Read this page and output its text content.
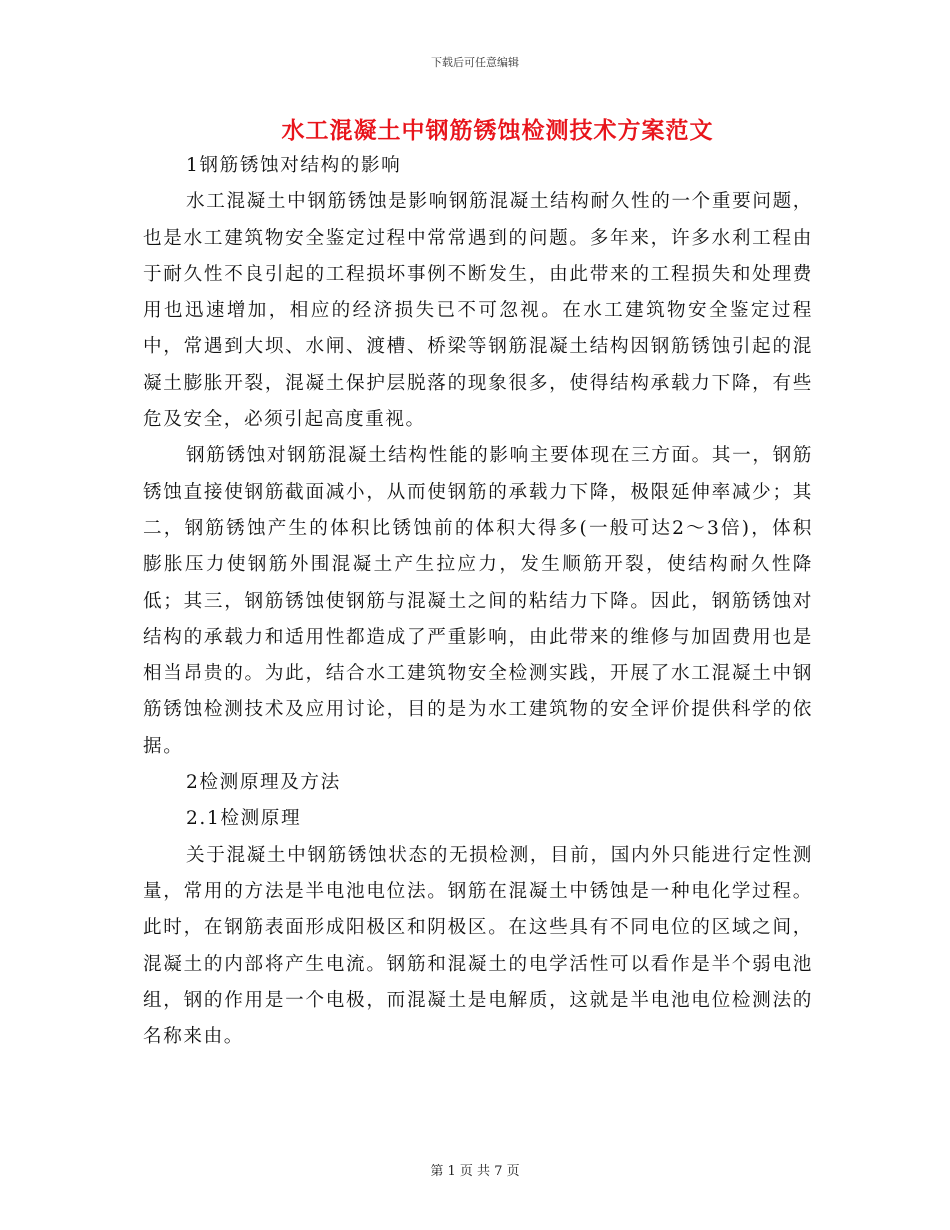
下载后可任意编辑
水工混凝土中钢筋锈蚀检测技术方案范文

1钢筋锈蚀对结构的影响

水工混凝土中钢筋锈蚀是影响钢筋混凝土结构耐久性的一个重要问题，也是水工建筑物安全鉴定过程中常常遇到的问题。多年来，许多水利工程由于耐久性不良引起的工程损坏事例不断发生，由此带来的工程损失和处理费用也迅速增加，相应的经济损失已不可忽视。在水工建筑物安全鉴定过程中，常遇到大坝、水闸、渡槽、桥梁等钢筋混凝土结构因钢筋锈蚀引起的混凝土膨胀开裂，混凝土保护层脱落的现象很多，使得结构承载力下降，有些危及安全，必须引起高度重视。

钢筋锈蚀对钢筋混凝土结构性能的影响主要体现在三方面。其一，钢筋锈蚀直接使钢筋截面减小，从而使钢筋的承载力下降，极限延伸率减少；其二，钢筋锈蚀产生的体积比锈蚀前的体积大得多(一般可达2～3倍)，体积膨胀压力使钢筋外围混凝土产生拉应力，发生顺筋开裂，使结构耐久性降低；其三，钢筋锈蚀使钢筋与混凝土之间的粘结力下降。因此，钢筋锈蚀对结构的承载力和适用性都造成了严重影响，由此带来的维修与加固费用也是相当昂贵的。为此，结合水工建筑物安全检测实践，开展了水工混凝土中钢筋锈蚀检测技术及应用讨论，目的是为水工建筑物的安全评价提供科学的依据。

2检测原理及方法

2.1检测原理

关于混凝土中钢筋锈蚀状态的无损检测，目前，国内外只能进行定性测量，常用的方法是半电池电位法。钢筋在混凝土中锈蚀是一种电化学过程。此时，在钢筋表面形成阳极区和阴极区。在这些具有不同电位的区域之间，混凝土的内部将产生电流。钢筋和混凝土的电学活性可以看作是半个弱电池组，钢的作用是一个电极，而混凝土是电解质，这就是半电池电位检测法的名称来由。

第 1 页 共 7 页
